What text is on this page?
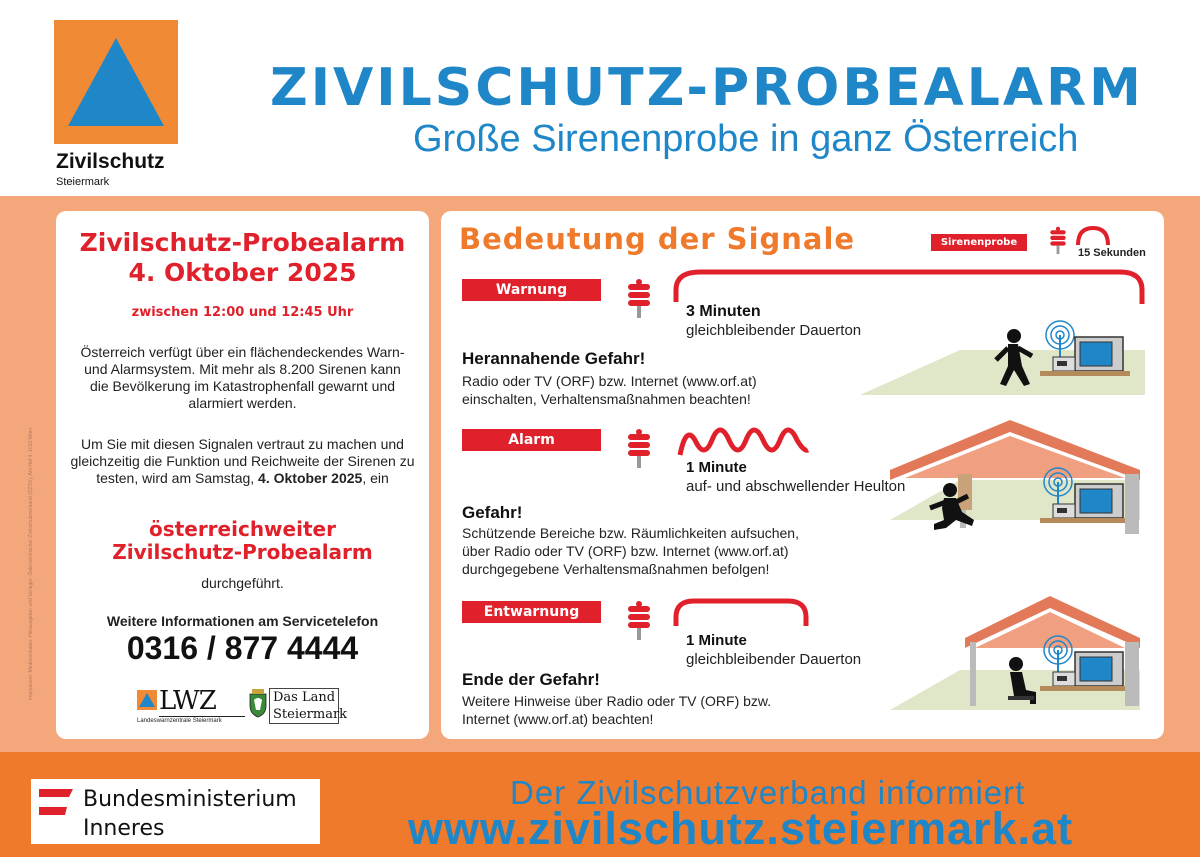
Zivilschutz
Steiermark
ZIVILSCHUTZ-PROBEALARM
Große Sirenenprobe in ganz Österreich
Impressum: Medieninhaber, Herausgeber und Verleger: Österreichischer Zivilschutzverband (ÖZSV), Am Hof 4, 1010 Wien
Zivilschutz-Probealarm
4. Oktober 2025
zwischen 12:00 und 12:45 Uhr
Österreich verfügt über ein flächendeckendes Warn- und Alarmsystem. Mit mehr als 8.200 Sirenen kann die Bevölkerung im Katastrophenfall gewarnt und alarmiert werden.
Um Sie mit diesen Signalen vertraut zu machen und gleichzeitig die Funktion und Reichweite der Sirenen zu testen, wird am Samstag, 4. Oktober 2025, ein
österreichweiter
Zivilschutz-Probealarm
durchgeführt.
Weitere Informationen am Servicetelefon
0316 / 877 4444
LWZ
Landeswarnzentrale Steiermark
Das Land
Steiermark
Bedeutung der Signale	Sirenenprobe
15 Sekunden
Warnung
3 Minuten
gleichbleibender Dauerton
Herannahende Gefahr!
Radio oder TV (ORF) bzw. Internet (www.orf.at)
einschalten, Verhaltensmaßnahmen beachten!
Alarm
1 Minute
auf- und abschwellender Heulton
Gefahr!
Schützende Bereiche bzw. Räumlichkeiten aufsuchen,
über Radio oder TV (ORF) bzw. Internet (www.orf.at)
durchgegebene Verhaltensmaßnahmen befolgen!
Entwarnung
1 Minute
gleichbleibender Dauerton
Ende der Gefahr!
Weitere Hinweise über Radio oder TV (ORF) bzw.
Internet (www.orf.at) beachten!
Bundesministerium
Inneres
Der Zivilschutzverband informiert
www.zivilschutz.steiermark.at
